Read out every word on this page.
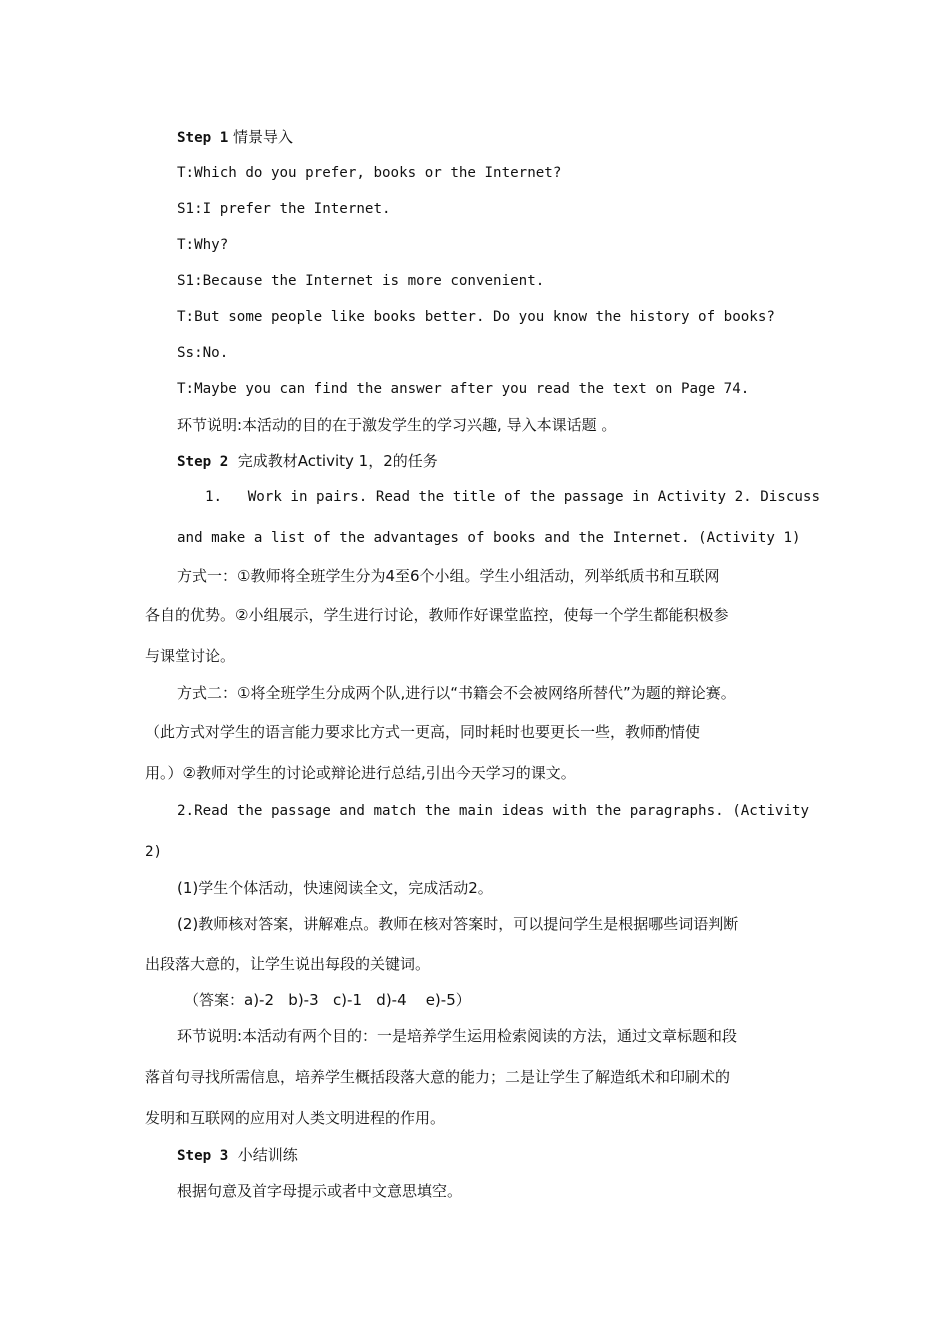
Step 1 情景导入
T:Which do you prefer, books or the Internet?
S1:I prefer the Internet.
T:Why?
S1:Because the Internet is more convenient.
T:But some people like books better. Do you know the history of books?
Ss:No.
T:Maybe you can find the answer after you read the text on Page 74.
环节说明:本活动的目的在于激发学生的学习兴趣, 导入本课话题 。
Step 2 完成教材Activity 1，2的任务
1.   Work in pairs. Read the title of the passage in Activity 2. Discuss
and make a list of the advantages of books and the Internet. (Activity 1)
方式一：①教师将全班学生分为4至6个小组。学生小组活动，列举纸质书和互联网
各自的优势。②小组展示，学生进行讨论，教师作好课堂监控，使每一个学生都能积极参
与课堂讨论。
方式二：①将全班学生分成两个队,进行以“书籍会不会被网络所替代”为题的辩论赛。
（此方式对学生的语言能力要求比方式一更高，同时耗时也要更长一些，教师酌情使
用。）②教师对学生的讨论或辩论进行总结,引出今天学习的课文。
2.Read the passage and match the main ideas with the paragraphs. (Activity
2)
(1)学生个体活动，快速阅读全文，完成活动2。
(2)教师核对答案，讲解难点。教师在核对答案时，可以提问学生是根据哪些词语判断
出段落大意的，让学生说出每段的关键词。
（答案：a)-2   b)-3   c)-1   d)-4    e)-5）
环节说明:本活动有两个目的：一是培养学生运用检索阅读的方法，通过文章标题和段
落首句寻找所需信息，培养学生概括段落大意的能力；二是让学生了解造纸术和印刷术的
发明和互联网的应用对人类文明进程的作用。
Step 3 小结训练
根据句意及首字母提示或者中文意思填空。
